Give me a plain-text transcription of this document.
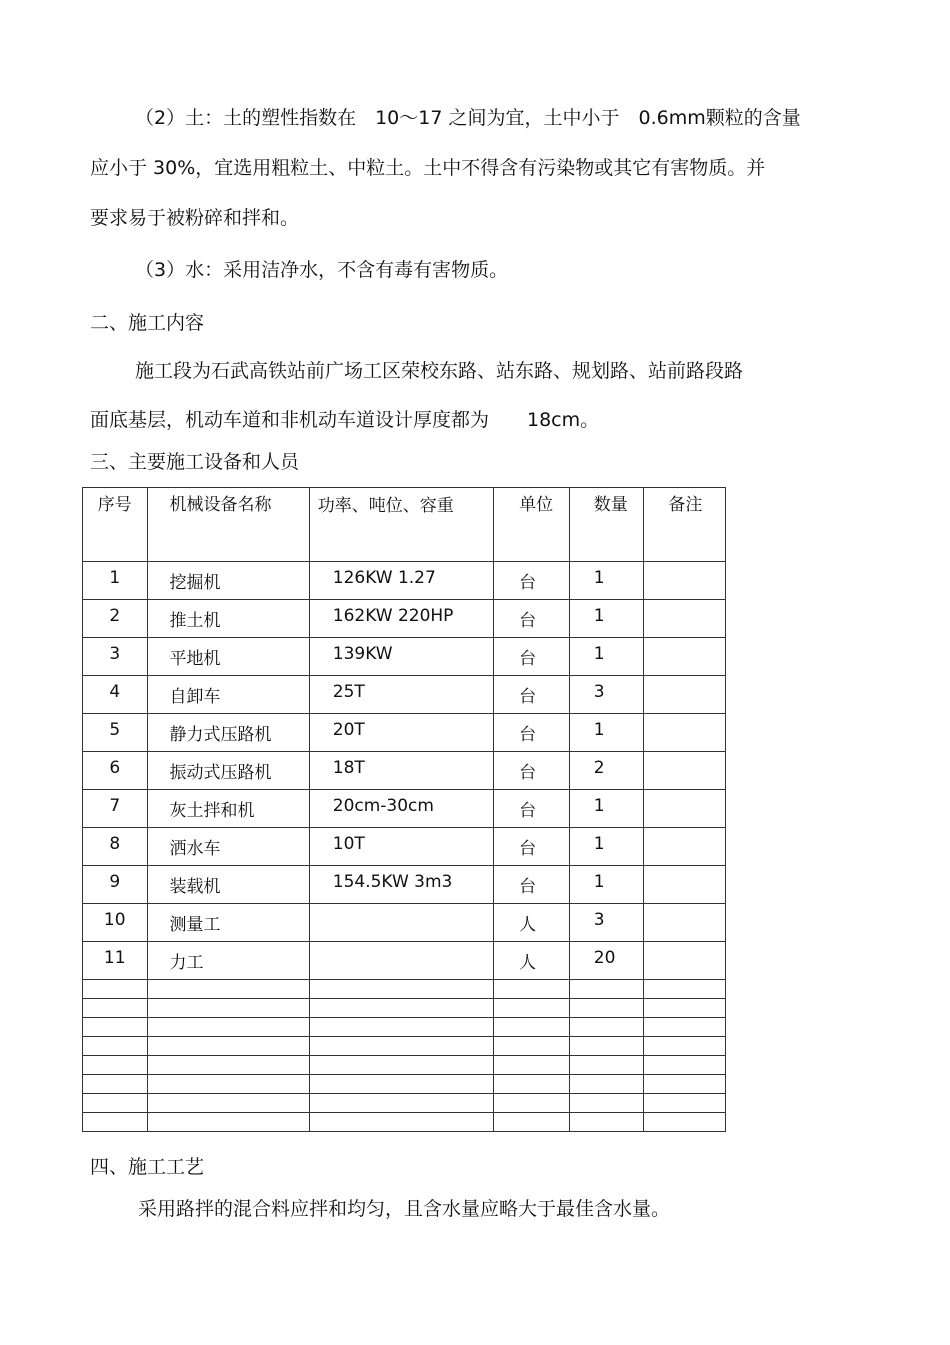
（2）土：土的塑性指数在　10～17 之间为宜，土中小于　0.6mm颗粒的含量
应小于 30%，宜选用粗粒土、中粒土。土中不得含有污染物或其它有害物质。并
要求易于被粉碎和拌和。
（3）水：采用洁净水，不含有毒有害物质。
二、施工内容
施工段为石武高铁站前广场工区荣校东路、站东路、规划路、站前路段路
面底基层，机动车道和非机动车道设计厚度都为　　18cm。
三、主要施工设备和人员
序号	机械设备名称	功率、吨位、容重	单位	数量	备注

1	挖掘机	126KW 1.27	台	1	

2	推土机	162KW 220HP	台	1	

3	平地机	139KW	台	1	

4	自卸车	25T	台	3	

5	静力式压路机	20T	台	1	

6	振动式压路机	18T	台	2	

7	灰土拌和机	20cm-30cm	台	1	

8	洒水车	10T	台	1	

9	装载机	154.5KW 3m3	台	1	

10	测量工		人	3	

11	力工		人	20	

四、施工工艺
采用路拌的混合料应拌和均匀，且含水量应略大于最佳含水量。
